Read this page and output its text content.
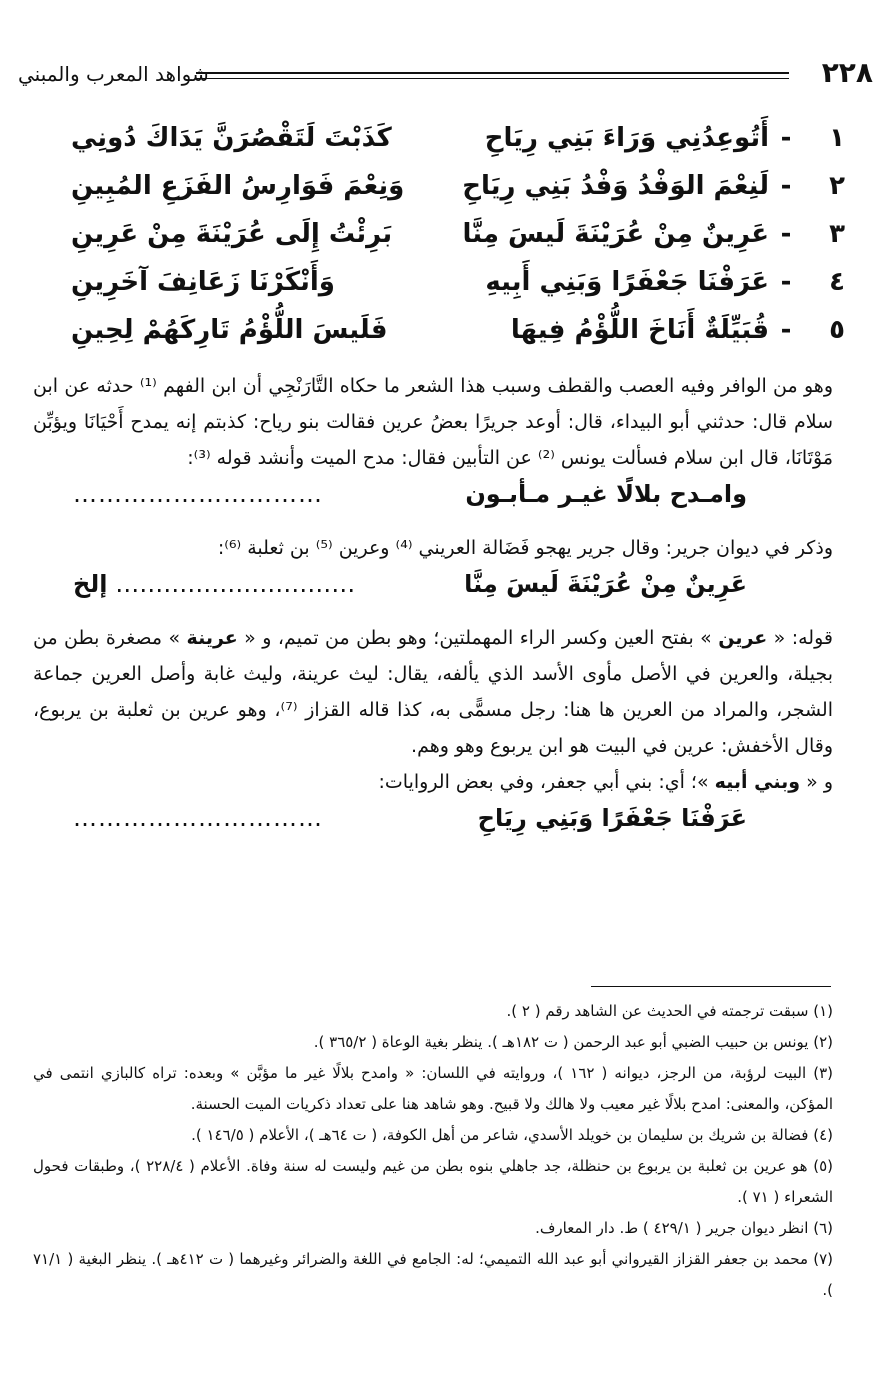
٢٢٨
شواهد المعرب والمبني
١
-
أَتُوعِدُنِي وَرَاءَ بَنِي رِيَاحِ
كَذَبْتَ لَتَقْصُرَنَّ يَدَاكَ دُونِي
٢
-
لَنِعْمَ الوَفْدُ وَفْدُ بَنِي رِيَاحِ
وَنِعْمَ فَوَارِسُ الفَزَعِ المُبِينِ
٣
-
عَرِينٌ مِنْ عُرَيْنَةَ لَيسَ مِنَّا
بَرِئْتُ إِلَى عُرَيْنَةَ مِنْ عَرِينِ
٤
-
عَرَفْنَا جَعْفَرًا وَبَنِي أَبِيهِ
وَأَنْكَرْنَا زَعَانِفَ آخَرِينِ
٥
-
قُبَيِّلَةٌ أَنَاخَ اللُّؤْمُ فِيهَا
فَلَيسَ اللُّؤْمُ تَارِكَهُمْ لِحِينِ

وهو من الوافر وفيه العصب والقطف وسبب هذا الشعر ما حكاه التَّارَنْجِي أن ابن الفهم ⁽¹⁾ حدثه عن ابن سلام قال: حدثني أبو البيداء، قال: أوعد جريرًا بعضُ عرين فقالت بنو رياح: كذبتم إنه يمدح أَحْيَانَا ويؤبِّن مَوْتَانَا، قال ابن سلام فسألت يونس ⁽²⁾ عن التأبين فقال: مدح الميت وأنشد قوله ⁽³⁾:

وامـدح بلالًا غيـر مـأبـون
…………………………

وذكر في ديوان جرير: وقال جرير يهجو فَضَالة العريني ⁽⁴⁾ وعرين ⁽⁵⁾ بن ثعلبة ⁽⁶⁾:

عَرِينٌ مِنْ عُرَيْنَةَ لَيسَ مِنَّا
………………………… إلخ

قوله: « عرين » بفتح العين وكسر الراء المهملتين؛ وهو بطن من تميم، و « عرينة » مصغرة بطن من بجيلة، والعرين في الأصل مأوى الأسد الذي يألفه، يقال: ليث عرينة، وليث غابة وأصل العرين جماعة الشجر، والمراد من العرين ها هنا: رجل مسمًّى به، كذا قاله القزاز ⁽⁷⁾، وهو عرين بن ثعلبة بن يربوع، وقال الأخفش: عرين في البيت هو ابن يربوع وهو وهم.

و « وبني أبيه »؛ أي: بني أبي جعفر، وفي بعض الروايات:

عَرَفْنَا جَعْفَرًا وَبَنِي رِيَاحِ
…………………………

(١) سبقت ترجمته في الحديث عن الشاهد رقم ( ٢ ).

(٢) يونس بن حبيب الضبي أبو عبد الرحمن ( ت ١٨٢هـ ). ينظر بغية الوعاة ( ٣٦٥/٢ ).

(٣) البيت لرؤبة، من الرجز، ديوانه ( ١٦٢ )، وروايته في اللسان: « وامدح بلالًا غير ما مؤبَّن » وبعده: تراه كالبازي انتمى في المؤكن، والمعنى: امدح بلالًا غير معيب ولا هالك ولا قبيح. وهو شاهد هنا على تعداد ذكريات الميت الحسنة.

(٤) فضالة بن شريك بن سليمان بن خويلد الأسدي، شاعر من أهل الكوفة، ( ت ٦٤هـ )، الأعلام ( ١٤٦/٥ ).

(٥) هو عرين بن ثعلبة بن يربوع بن حنظلة، جد جاهلي بنوه بطن من غيم وليست له سنة وفاة. الأعلام ( ٢٢٨/٤ )، وطبقات فحول الشعراء ( ٧١ ).

(٦) انظر ديوان جرير ( ٤٢٩/١ ) ط. دار المعارف.

(٧) محمد بن جعفر القزاز القيرواني أبو عبد الله التميمي؛ له: الجامع في اللغة والضرائر وغيرهما ( ت ٤١٢هـ ). ينظر البغية ( ٧١/١ ).
